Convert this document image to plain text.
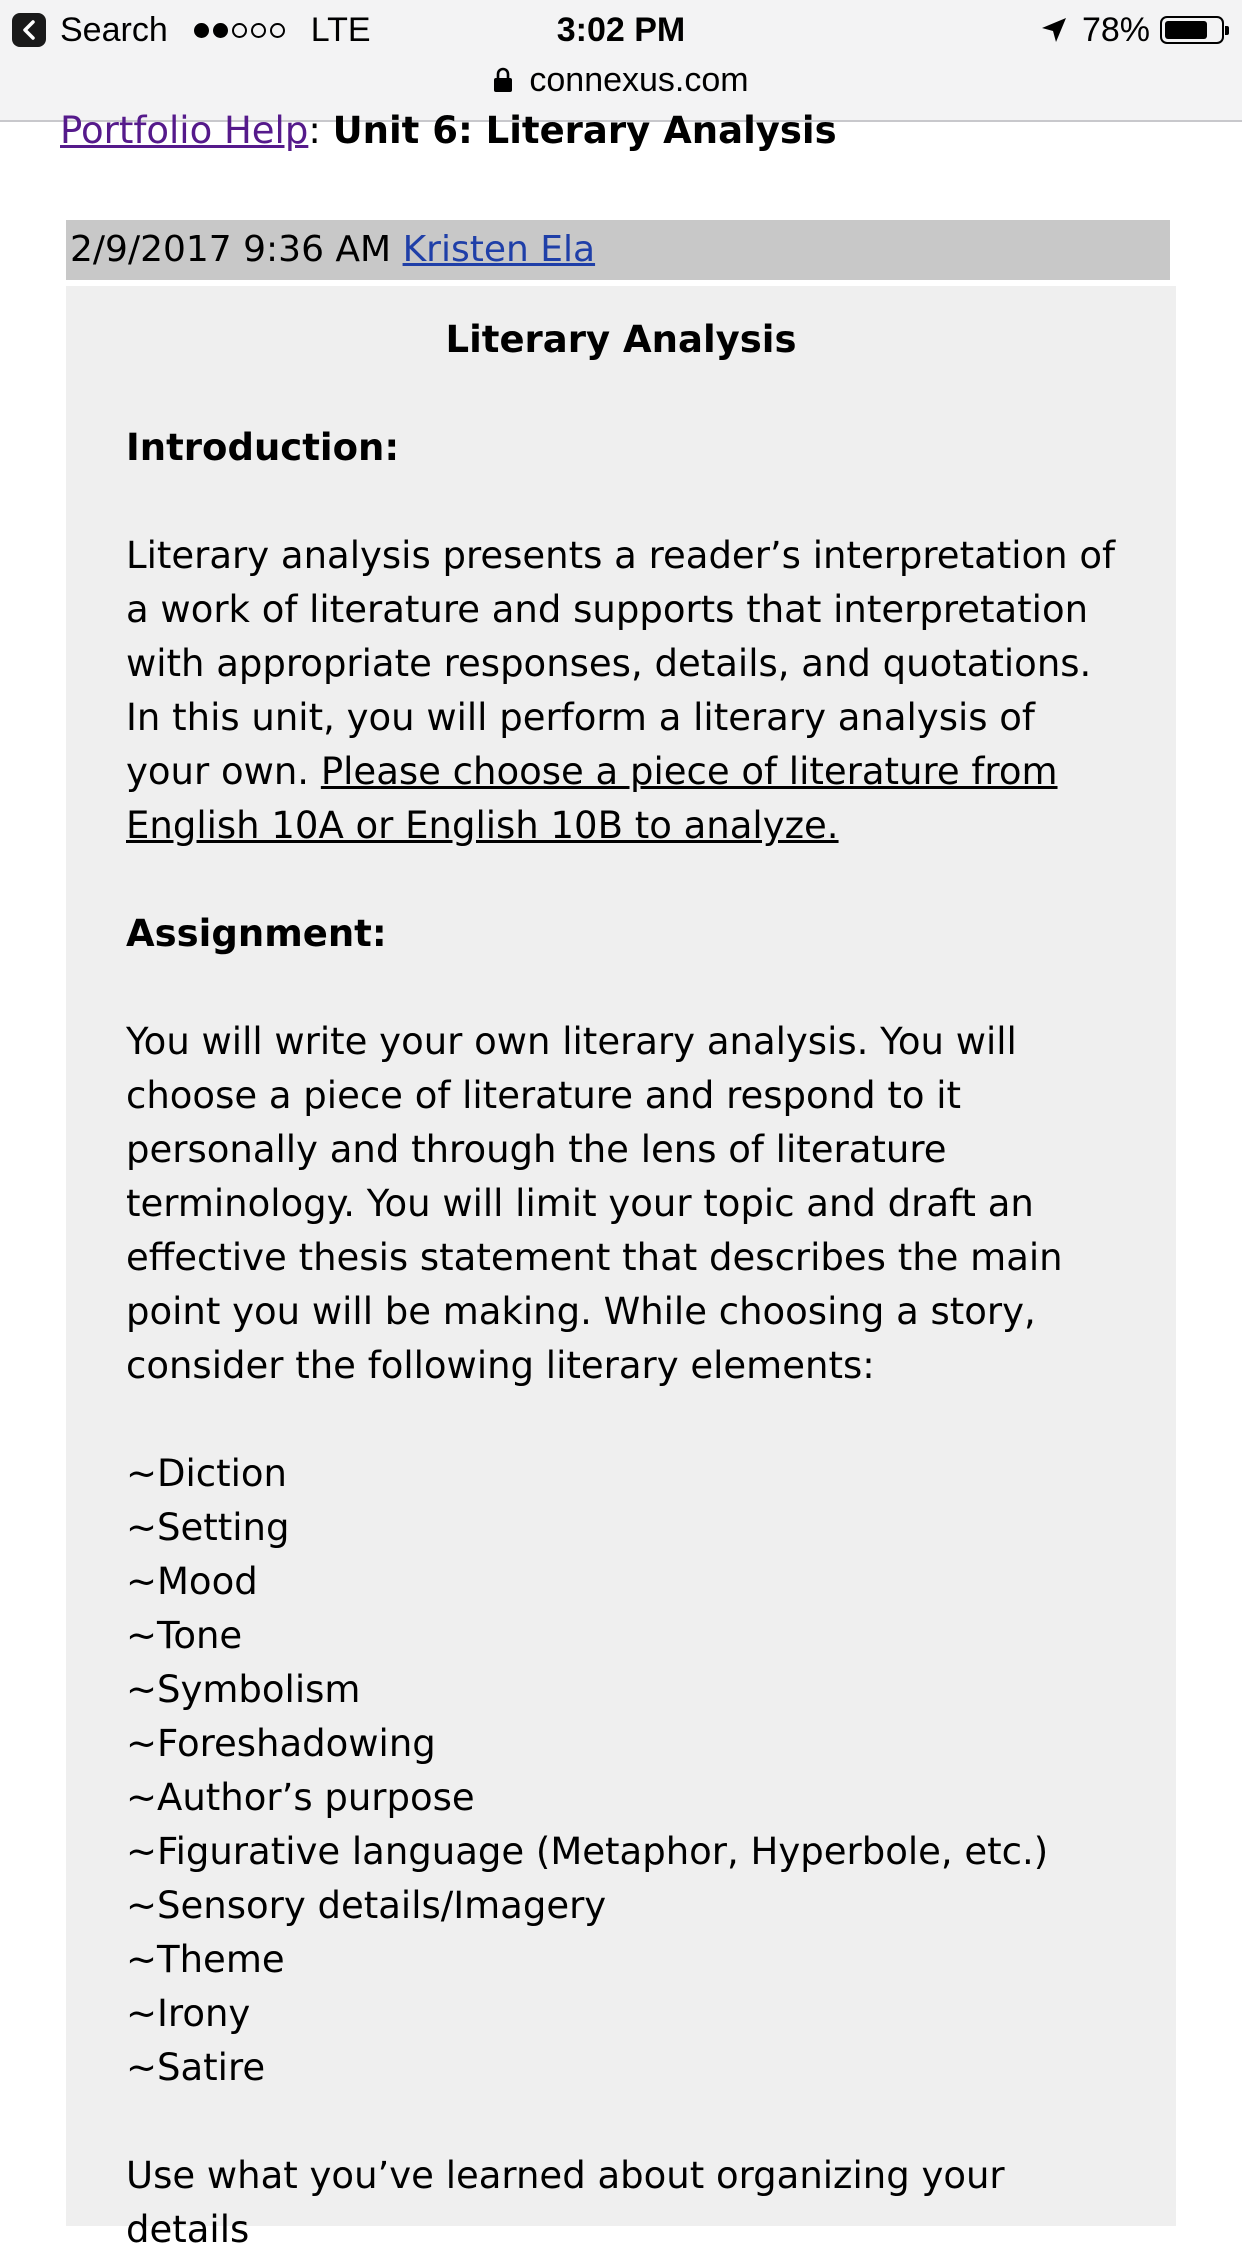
Search	LTE	3:02 PM	78%
connexus.com
Portfolio Help: Unit 6: Literary Analysis
2/9/2017 9:36 AM Kristen Ela
Literary Analysis
Introduction:
Literary analysis presents a reader’s interpretation of a work of literature and supports that interpretation with appropriate responses, details, and quotations. In this unit, you will perform a literary analysis of your own. Please choose a piece of literature from English 10A or English 10B to analyze.
Assignment:
You will write your own literary analysis. You will choose a piece of literature and respond to it personally and through the lens of literature terminology. You will limit your topic and draft an effective thesis statement that describes the main point you will be making. While choosing a story, consider the following literary elements:
~Diction
~Setting
~Mood
~Tone
~Symbolism
~Foreshadowing
~Author’s purpose
~Figurative language (Metaphor, Hyperbole, etc.)
~Sensory details/Imagery
~Theme
~Irony
~Satire
Use what you’ve learned about organizing your details
